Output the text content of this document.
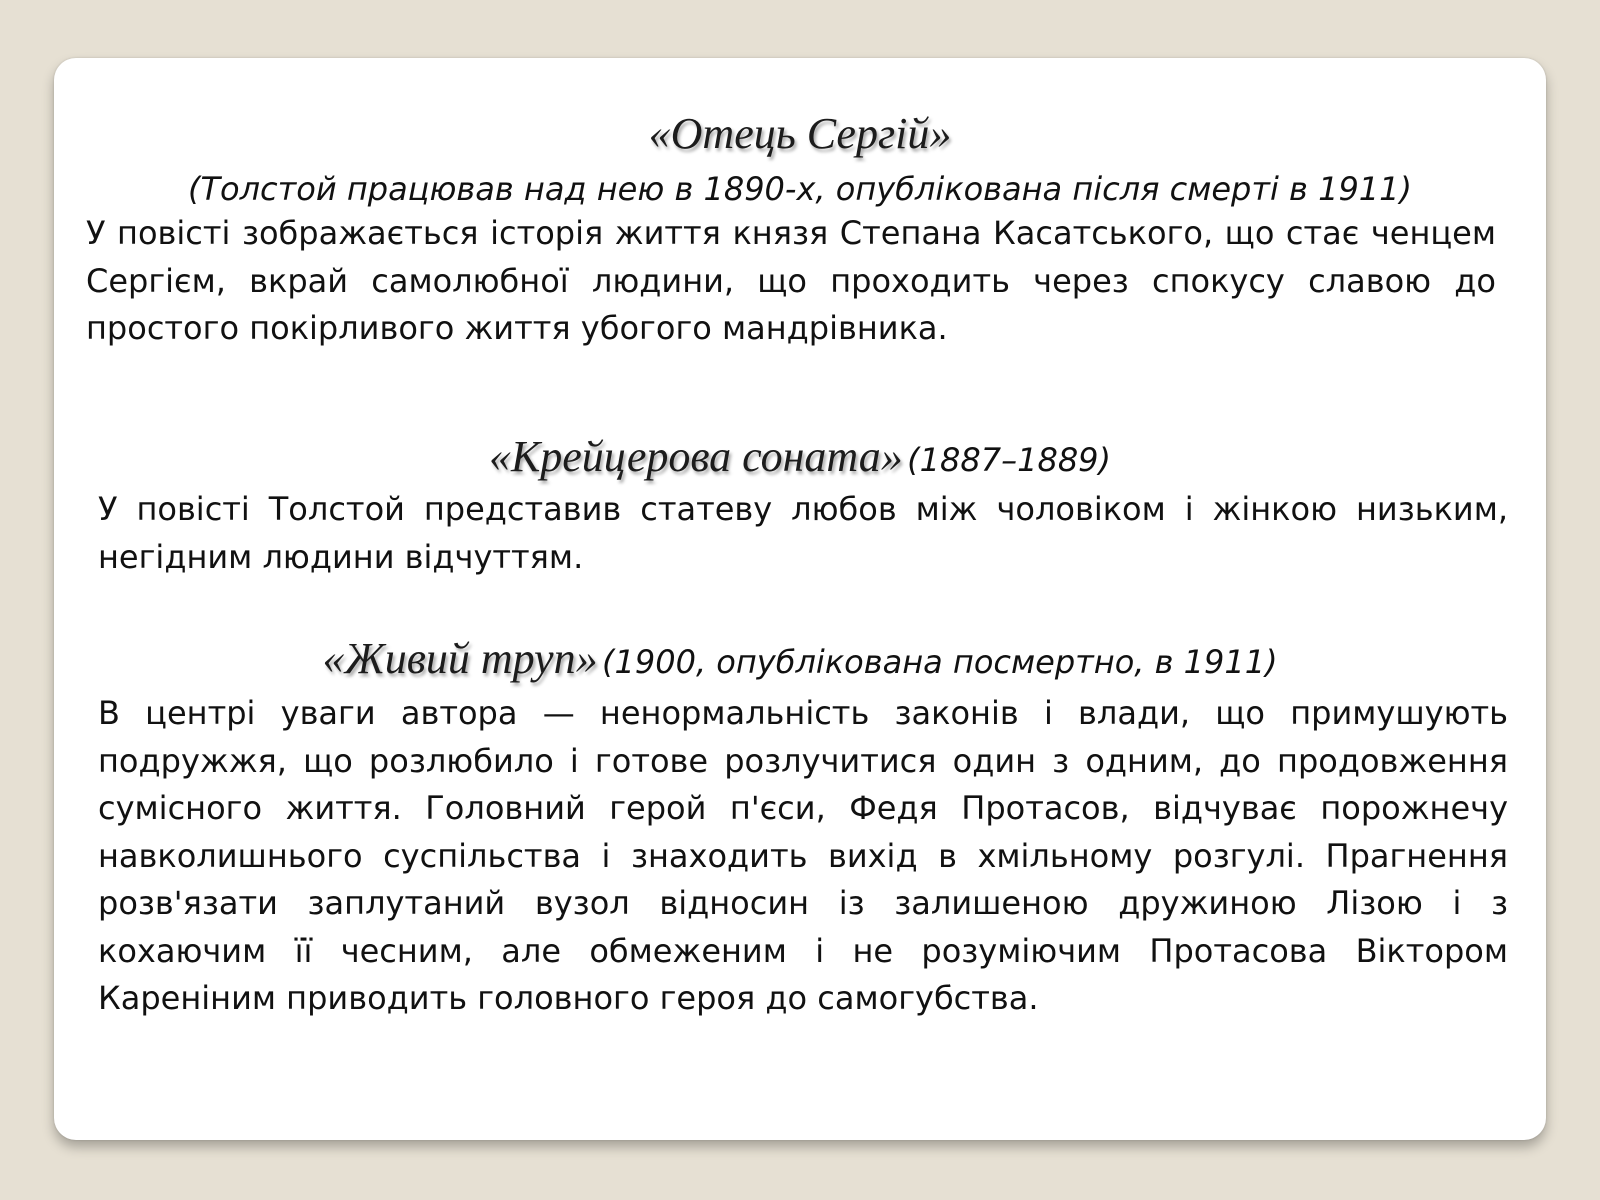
«Отець Сергій»
(Толстой працював над нею в 1890-х, опублікована після смерті в 1911)

У повісті зображається історія життя князя Степана Касатського, що стає ченцем Сергієм, вкрай самолюбної людини, що проходить через спокусу славою до простого покірливого життя убогого мандрівника.

«Крейцерова соната» (1887–1889)

У повісті Толстой представив статеву любов між чоловіком і жінкою низьким, негідним людини відчуттям.

«Живий труп» (1900, опублікована посмертно, в 1911)

В центрі уваги автора — ненормальність законів і влади, що примушують подружжя, що розлюбило і готове розлучитися один з одним, до продовження сумісного життя. Головний герой п'єси, Федя Протасов, відчуває порожнечу навколишнього суспільства і знаходить вихід в хмільному розгулі. Прагнення розв'язати заплутаний вузол відносин із залишеною дружиною Лізою і з кохаючим її чесним, але обмеженим і не розуміючим Протасова Віктором Кареніним приводить головного героя до самогубства.
